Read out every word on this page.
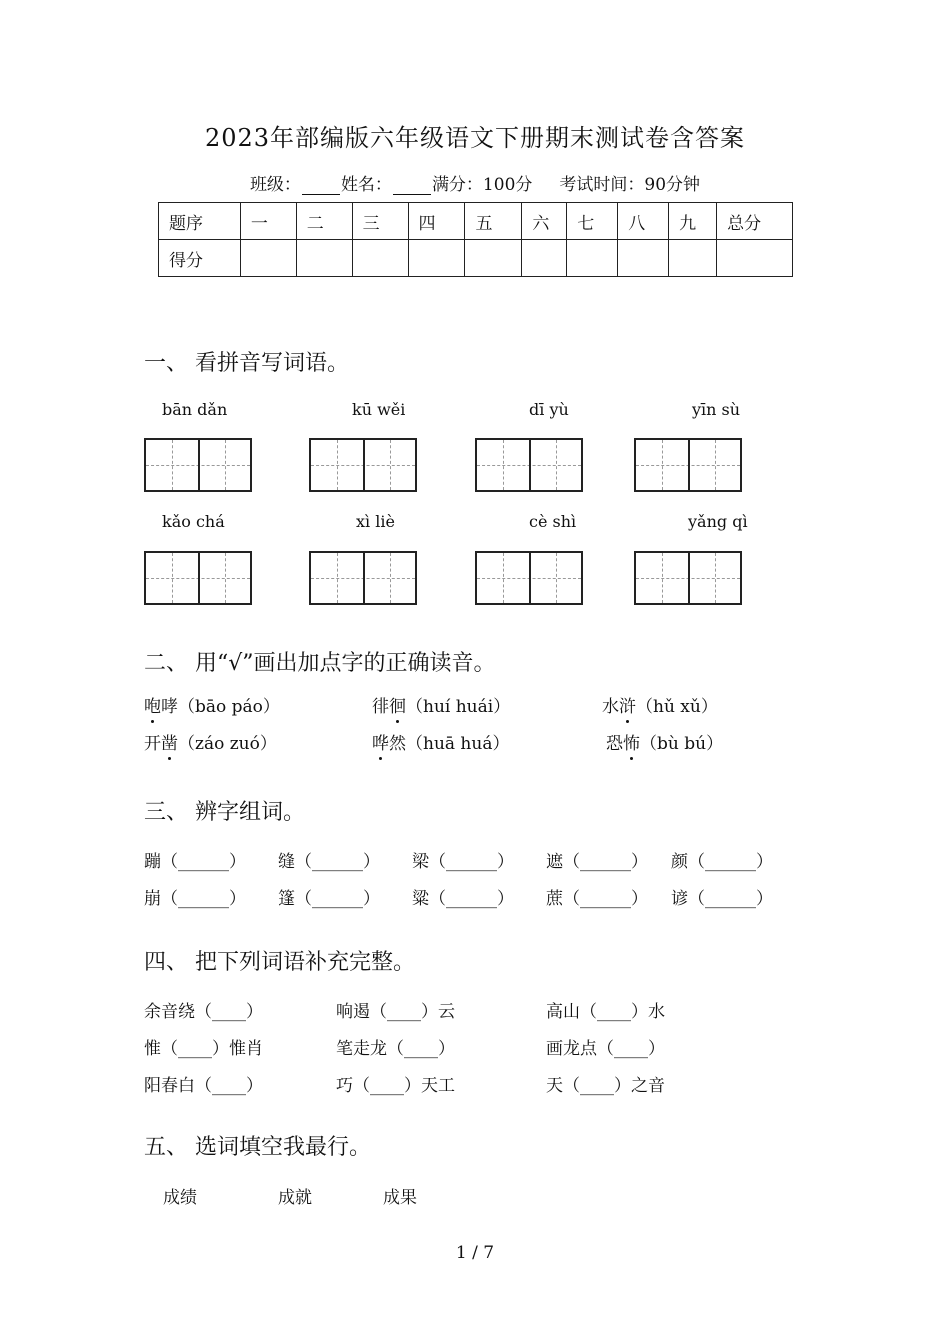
2023年部编版六年级语文下册期末测试卷含答案
班级： 姓名： 满分：100分 考试时间：90分钟
题序	一	二	三	四	五	六	七	八	九	总分
得分										
一、 看拼音写词语。
bān dǎn	kū wěi	dī yù	yīn sù
kǎo chá	xì liè	cè shì	yǎng qì
二、 用“√”画出加点字的正确读音。
咆哮（bāo páo）	徘徊（huí huái）	水浒（hǔ xǔ）
开凿（záo zuó）	哗然（huā huá）	恐怖（bù bú）
三、 辨字组词。
蹦（______） 缝（______） 梁（______） 遮（______） 颜（______）
崩（______） 篷（______） 粱（______） 蔗（______） 谚（______）
四、 把下列词语补充完整。
余音绕（____）	响遏（____）云	高山（____）水
惟（____）惟肖	笔走龙（____）	画龙点（____）
阳春白（____）	巧（____）天工	天（____）之音
五、 选词填空我最行。
成绩	成就	成果
1 / 7
